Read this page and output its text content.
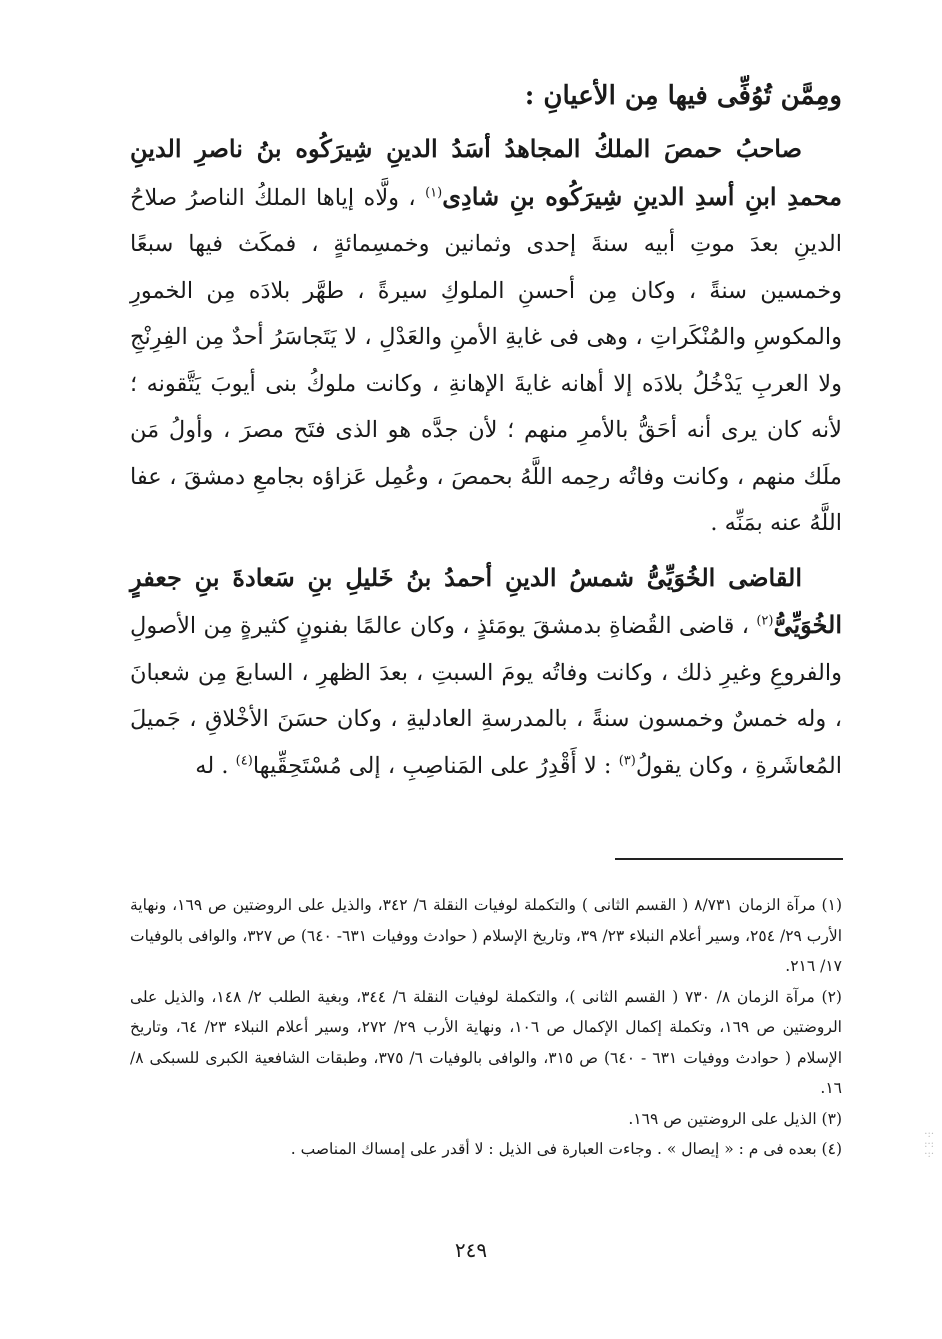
ومِمَّن تُوُفِّى فيها مِن الأعيانِ :

صاحبُ حمصَ الملكُ المجاهدُ أسَدُ الدينِ شِيرَكُوه بنُ ناصرِ الدينِ محمدِ ابنِ أسدِ الدينِ شِيرَكُوه بنِ شادِى$^{(١)}$ ، ولَّاه إياها الملكُ الناصرُ صلاحُ الدينِ بعدَ موتِ أبيه سنةَ إحدى وثمانين وخمسِمائةٍ ، فمكَث فيها سبعًا وخمسين سنةً ، وكان مِن أحسنِ الملوكِ سيرةً ، طهَّر بلادَه مِن الخمورِ والمكوسِ والمُنْكَراتِ ، وهى فى غايةِ الأمنِ والعَدْلِ ، لا يَتَجاسَرُ أحدٌ مِن الفِرِنْجِ ولا العربِ يَدْخُلُ بلادَه إلا أهانه غايةَ الإهانةِ ، وكانت ملوكُ بنى أيوبَ يَتَّقونه ؛ لأنه كان يرى أنه أحَقُّ بالأمرِ منهم ؛ لأن جدَّه هو الذى فتَح مصرَ ، وأولُ مَن ملَك منهم ، وكانت وفاتُه رحِمه اللَّهُ بحمصَ ، وعُمِل عَزاؤه بجامعِ دمشقَ ، عفا اللَّهُ عنه بمَنِّه .

القاضى الخُوَيِّىُّ شمسُ الدينِ أحمدُ بنُ خَليلِ بنِ سَعادةَ بنِ جعفرٍ الخُوَيِّىُّ$^{(٢)}$ ، قاضى القُضاةِ بدمشقَ يومَئذٍ ، وكان عالمًا بفنونٍ كثيرةٍ مِن الأصولِ والفروعِ وغيرِ ذلك ، وكانت وفاتُه يومَ السبتِ ، بعدَ الظهرِ ، السابعَ مِن شعبانَ ، وله خمسٌ وخمسون سنةً ، بالمدرسةِ العادليةِ ، وكان حسَنَ الأخْلاقِ ، جَميلَ المُعاشَرةِ ، وكان يقولُ$^{(٣)}$ : لا أَقْدِرُ على المَناصِبِ ، إلى مُسْتَحِقِّيها$^{(٤)}$ . له

(١) مرآة الزمان ٨/٧٣١ ( القسم الثانى ) والتكملة لوفيات النقلة ٦/ ٣٤٢، والذيل على الروضتين ص ١٦٩، ونهاية الأرب ٢٩/ ٢٥٤، وسير أعلام النبلاء ٢٣/ ٣٩، وتاريخ الإسلام ( حوادث ووفيات ٦٣١- ٦٤٠) ص ٣٢٧، والوافى بالوفيات ١٧/ ٢١٦.

(٢) مرآة الزمان ٨/ ٧٣٠ ( القسم الثانى )، والتكملة لوفيات النقلة ٦/ ٣٤٤، وبغية الطلب ٢/ ١٤٨، والذيل على الروضتين ص ١٦٩، وتكملة إكمال الإكمال ص ١٠٦، ونهاية الأرب ٢٩/ ٢٧٢، وسير أعلام النبلاء ٢٣/ ٦٤، وتاريخ الإسلام ( حوادث ووفيات ٦٣١ - ٦٤٠) ص ٣١٥، والوافى بالوفيات ٦/ ٣٧٥، وطبقات الشافعية الكبرى للسبكى ٨/ ١٦.

(٣) الذيل على الروضتين ص ١٦٩.

(٤) بعده فى م : « إيصال » . وجاءت العبارة فى الذيل : لا أقدر على إمساك المناصب .

٢٤٩
·:·
:·:
·:·
